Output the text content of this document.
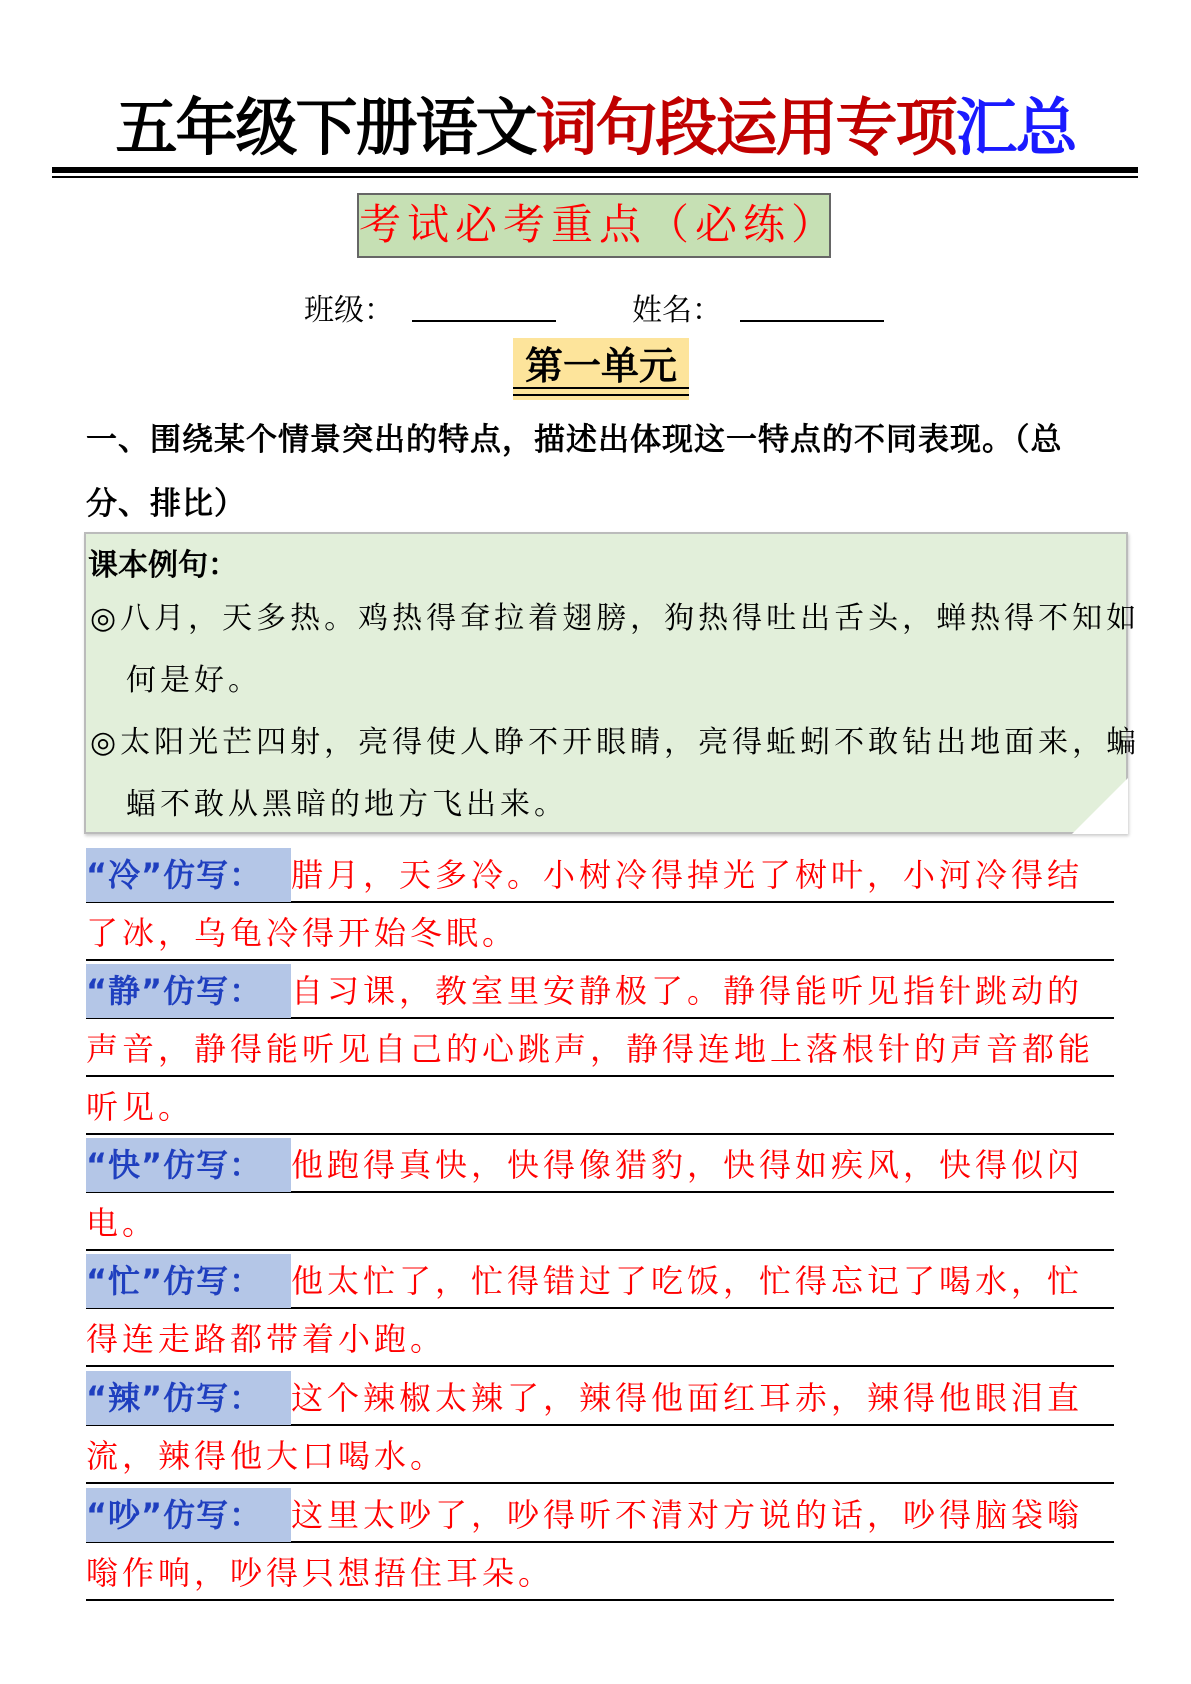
五年级下册语文词句段运用专项汇总
考试必考重点（必练）
班级：	姓名：
第一单元
一、围绕某个情景突出的特点，描述出体现这一特点的不同表现。（总分、排比）
课本例句：
◎八月，天多热。鸡热得耷拉着翅膀，狗热得吐出舌头，蝉热得不知如何是好。
◎太阳光芒四射，亮得使人睁不开眼睛，亮得蚯蚓不敢钻出地面来，蝙蝠不敢从黑暗的地方飞出来。
“冷”仿写： 腊月，天多冷。小树冷得掉光了树叶，小河冷得结了冰，乌龟冷得开始冬眠。
“静”仿写： 自习课，教室里安静极了。静得能听见指针跳动的声音，静得能听见自己的心跳声，静得连地上落根针的声音都能听见。
“快”仿写： 他跑得真快，快得像猎豹，快得如疾风，快得似闪电。
“忙”仿写： 他太忙了，忙得错过了吃饭，忙得忘记了喝水，忙得连走路都带着小跑。
“辣”仿写： 这个辣椒太辣了，辣得他面红耳赤，辣得他眼泪直流，辣得他大口喝水。
“吵”仿写： 这里太吵了，吵得听不清对方说的话，吵得脑袋嗡嗡作响，吵得只想捂住耳朵。
